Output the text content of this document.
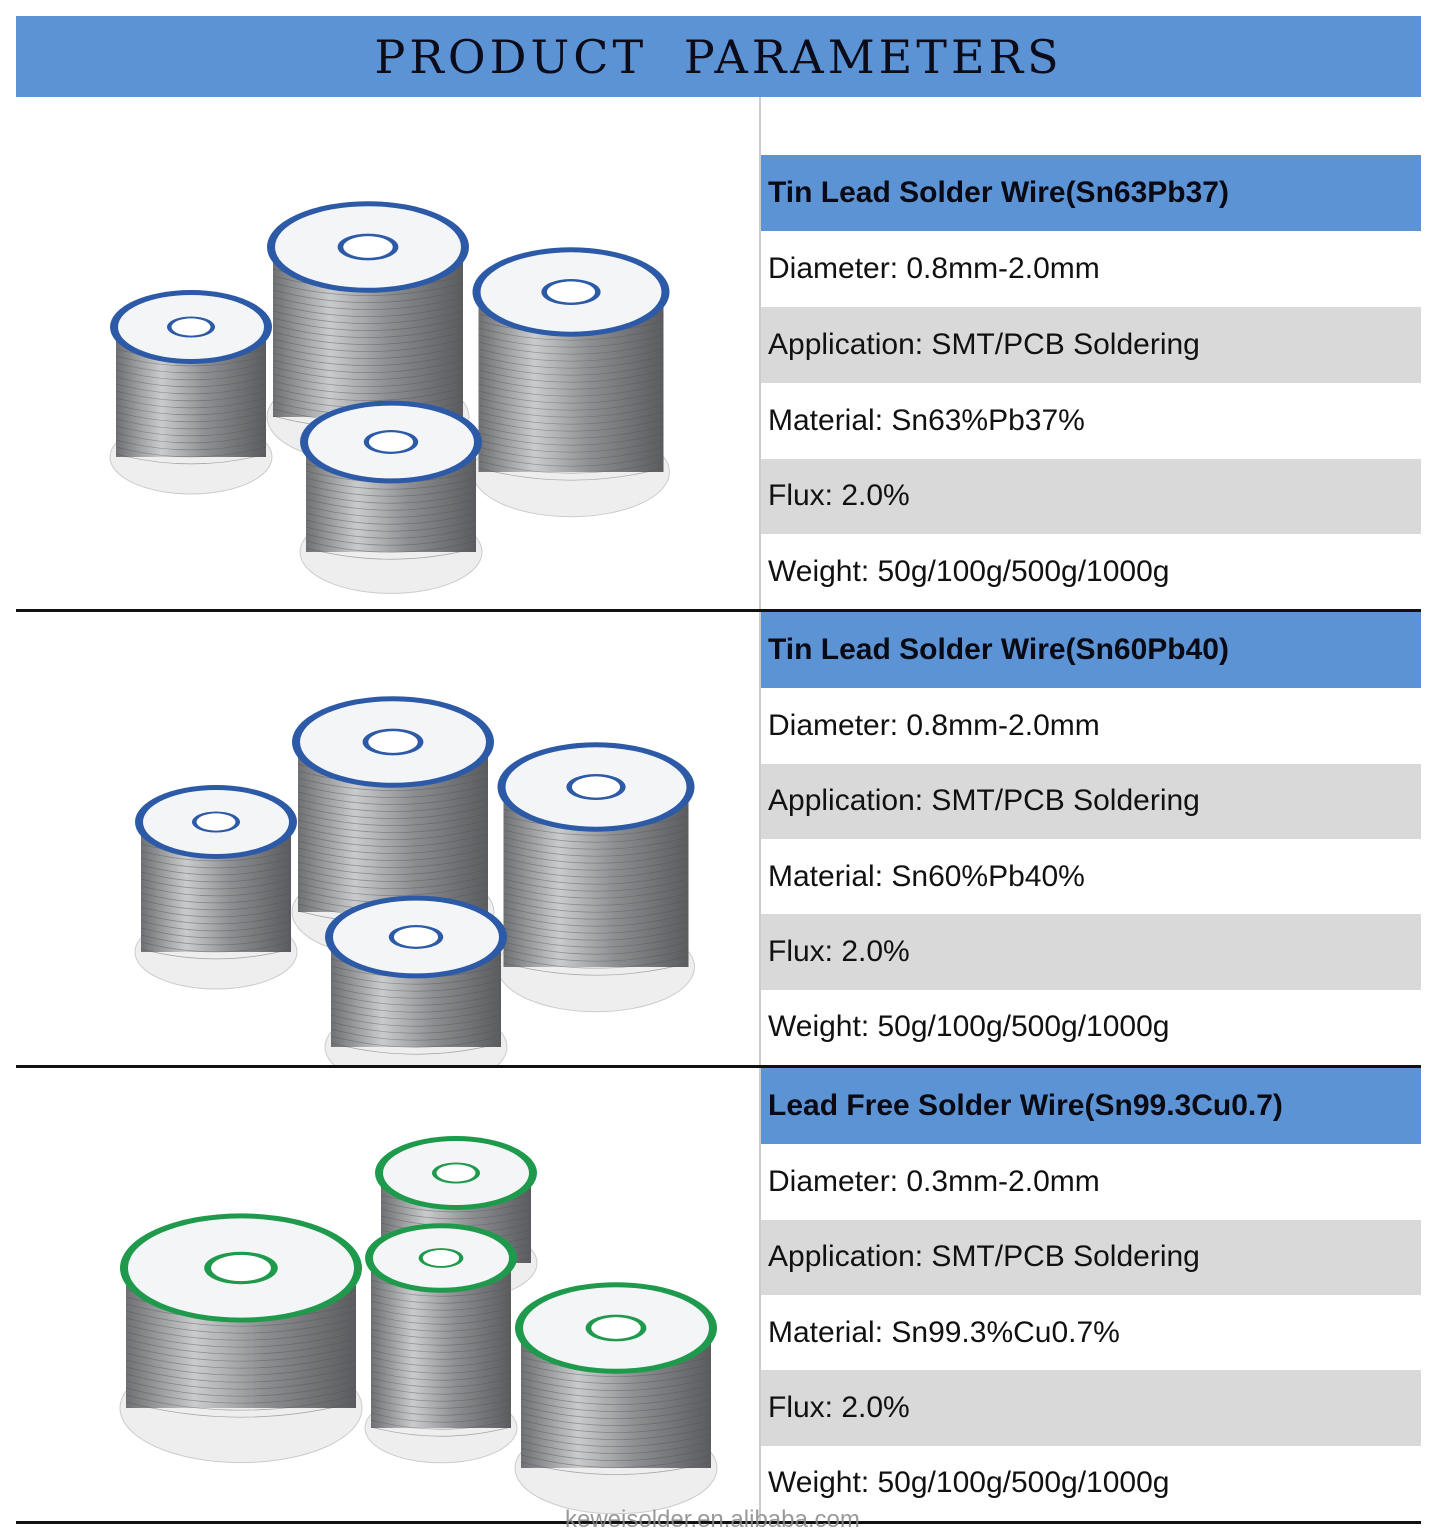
PRODUCT PARAMETERS
Tin Lead Solder Wire(Sn63Pb37)
Diameter: 0.8mm-2.0mm
Application: SMT/PCB Soldering
Material: Sn63%Pb37%
Flux: 2.0%
Weight: 50g/100g/500g/1000g
Tin Lead Solder Wire(Sn60Pb40)
Diameter: 0.8mm-2.0mm
Application: SMT/PCB Soldering
Material: Sn60%Pb40%
Flux: 2.0%
Weight: 50g/100g/500g/1000g
Lead Free Solder Wire(Sn99.3Cu0.7)
Diameter: 0.3mm-2.0mm
Application: SMT/PCB Soldering
Material: Sn99.3%Cu0.7%
Flux: 2.0%
Weight: 50g/100g/500g/1000g
keweisolder.en.alibaba.com
